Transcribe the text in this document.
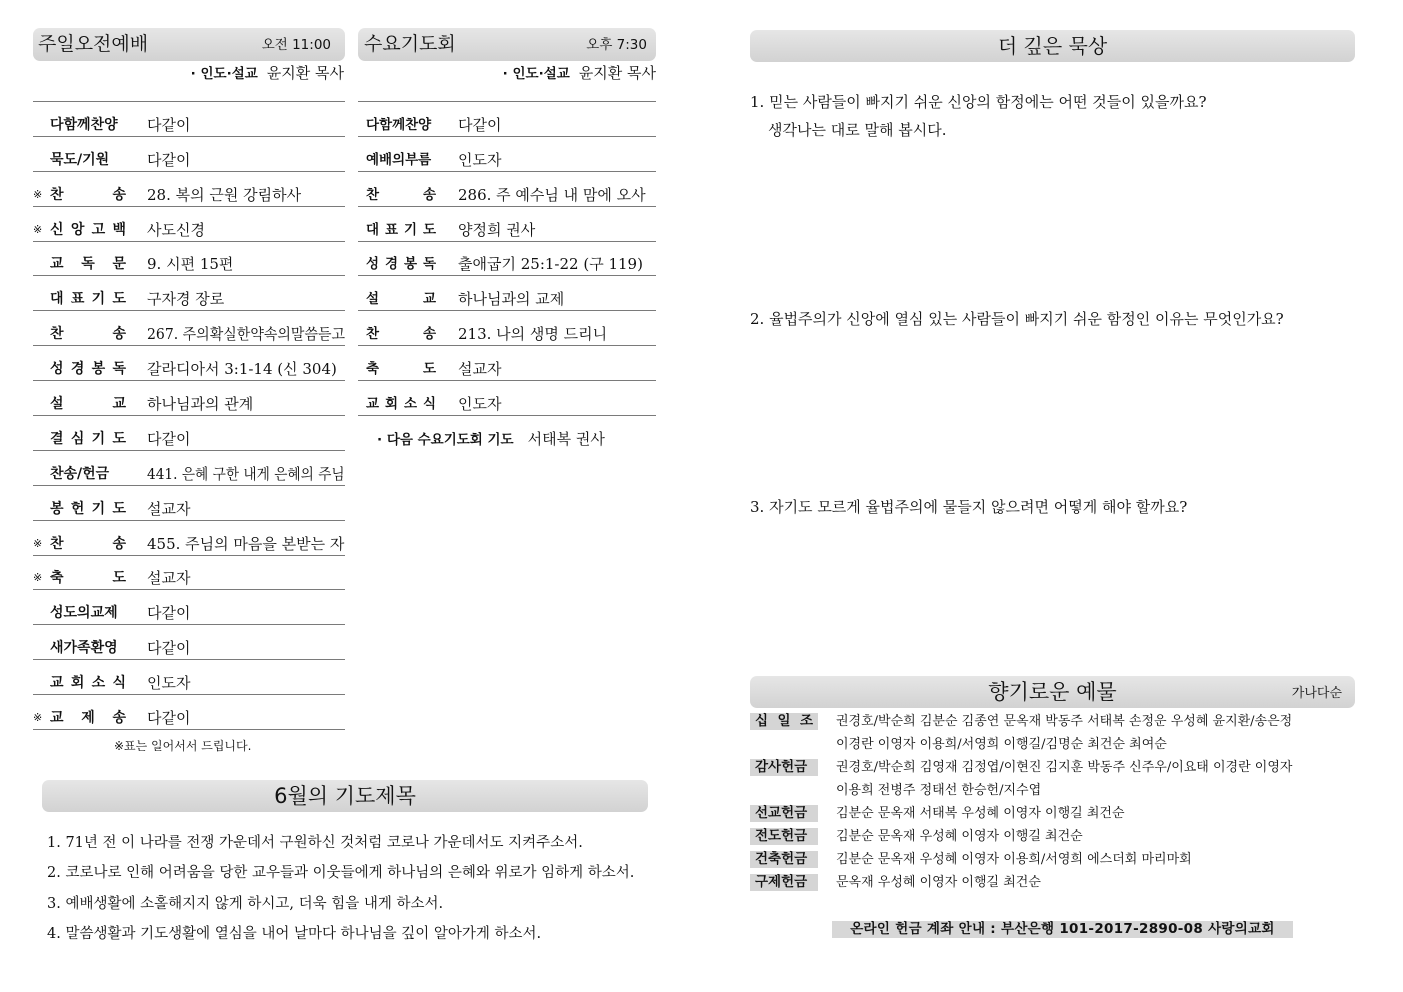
주일오전예배	오전 11:00
· 인도·설교 윤지환 목사
다함께찬양	다같이
묵도/기원	다같이
※ 찬 송	28. 복의 근원 강림하사
※ 신 앙 고 백	사도신경
교 독 문	9. 시편 15편
대 표 기 도	구자경 장로
찬 송	267. 주의확실한약속의말씀듣고
성 경 봉 독	갈라디아서 3:1-14 (신 304)
설 교	하나님과의 관계
결 심 기 도	다같이
찬송/헌금	441. 은혜 구한 내게 은혜의 주님
봉 헌 기 도	설교자
※ 찬 송	455. 주님의 마음을 본받는 자
※ 축 도	설교자
성도의교제	다같이
새가족환영	다같이
교 회 소 식	인도자
※ 교 제 송	다같이
※표는 일어서서 드립니다.
수요기도회	오후 7:30
· 인도·설교 윤지환 목사
다함께찬양	다같이
예배의부름	인도자
찬 송	286. 주 예수님 내 맘에 오사
대 표 기 도	양정희 권사
성 경 봉 독	출애굽기 25:1-22 (구 119)
설 교	하나님과의 교제
찬 송	213. 나의 생명 드리니
축 도	설교자
교 회 소 식	인도자
· 다음 수요기도회 기도 서태복 권사
6월의 기도제목
1. 71년 전 이 나라를 전쟁 가운데서 구원하신 것처럼 코로나 가운데서도 지켜주소서.
2. 코로나로 인해 어려움을 당한 교우들과 이웃들에게 하나님의 은혜와 위로가 임하게 하소서.
3. 예배생활에 소홀해지지 않게 하시고, 더욱 힘을 내게 하소서.
4. 말씀생활과 기도생활에 열심을 내어 날마다 하나님을 깊이 알아가게 하소서.
더 깊은 묵상
1. 믿는 사람들이 빠지기 쉬운 신앙의 함정에는 어떤 것들이 있을까요?
생각나는 대로 말해 봅시다.
2. 율법주의가 신앙에 열심 있는 사람들이 빠지기 쉬운 함정인 이유는 무엇인가요?
3. 자기도 모르게 율법주의에 물들지 않으려면 어떻게 해야 할까요?
향기로운 예물	가나다순
십 일 조	권경호/박순희 김분순 김종연 문옥재 박동주 서태복 손정운 우성혜 윤지환/송은정
이경란 이영자 이용희/서영희 이행길/김명순 최건순 최여순
감사헌금	권경호/박순희 김영재 김정엽/이현진 김지훈 박동주 신주우/이요태 이경란 이영자
이용희 전병주 정태선 한승헌/지수엽
선교헌금	김분순 문옥재 서태복 우성혜 이영자 이행길 최건순
전도헌금	김분순 문옥재 우성혜 이영자 이행길 최건순
건축헌금	김분순 문옥재 우성혜 이영자 이용희/서영희 에스더회 마리마회
구제헌금	문옥재 우성혜 이영자 이행길 최건순
온라인 헌금 계좌 안내 : 부산은행 101-2017-2890-08 사랑의교회
